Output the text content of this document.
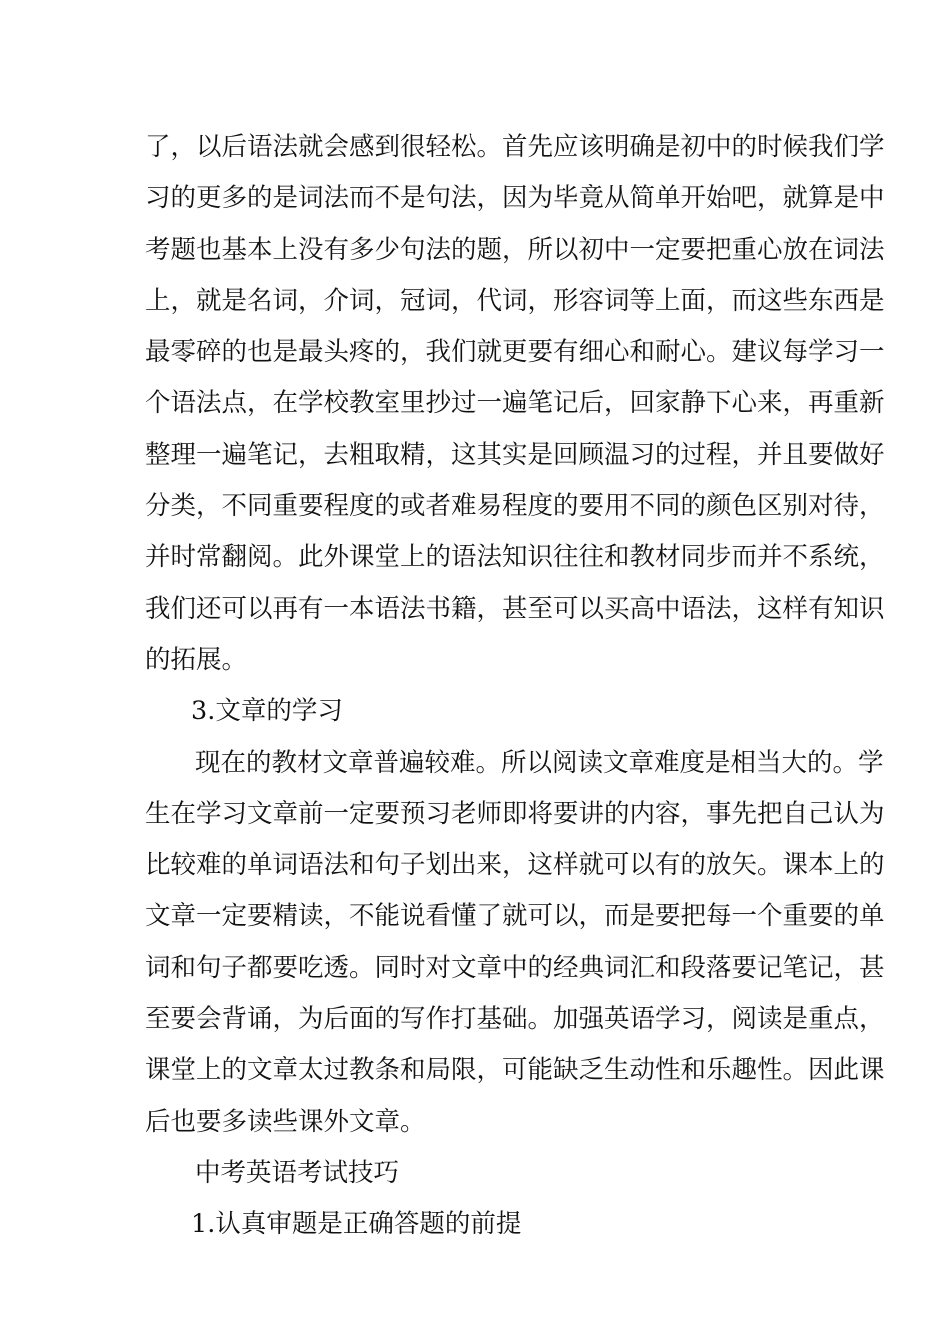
了，以后语法就会感到很轻松。首先应该明确是初中的时候我们学
习的更多的是词法而不是句法，因为毕竟从简单开始吧，就算是中
考题也基本上没有多少句法的题，所以初中一定要把重心放在词法
上，就是名词，介词，冠词，代词，形容词等上面，而这些东西是
最零碎的也是最头疼的，我们就更要有细心和耐心。建议每学习一
个语法点，在学校教室里抄过一遍笔记后，回家静下心来，再重新
整理一遍笔记，去粗取精，这其实是回顾温习的过程，并且要做好
分类，不同重要程度的或者难易程度的要用不同的颜色区别对待，
并时常翻阅。此外课堂上的语法知识往往和教材同步而并不系统，
我们还可以再有一本语法书籍，甚至可以买高中语法，这样有知识
的拓展。
3.文章的学习
现在的教材文章普遍较难。所以阅读文章难度是相当大的。学
生在学习文章前一定要预习老师即将要讲的内容，事先把自己认为
比较难的单词语法和句子划出来，这样就可以有的放矢。课本上的
文章一定要精读，不能说看懂了就可以，而是要把每一个重要的单
词和句子都要吃透。同时对文章中的经典词汇和段落要记笔记，甚
至要会背诵，为后面的写作打基础。加强英语学习，阅读是重点，
课堂上的文章太过教条和局限，可能缺乏生动性和乐趣性。因此课
后也要多读些课外文章。
中考英语考试技巧
1.认真审题是正确答题的前提
